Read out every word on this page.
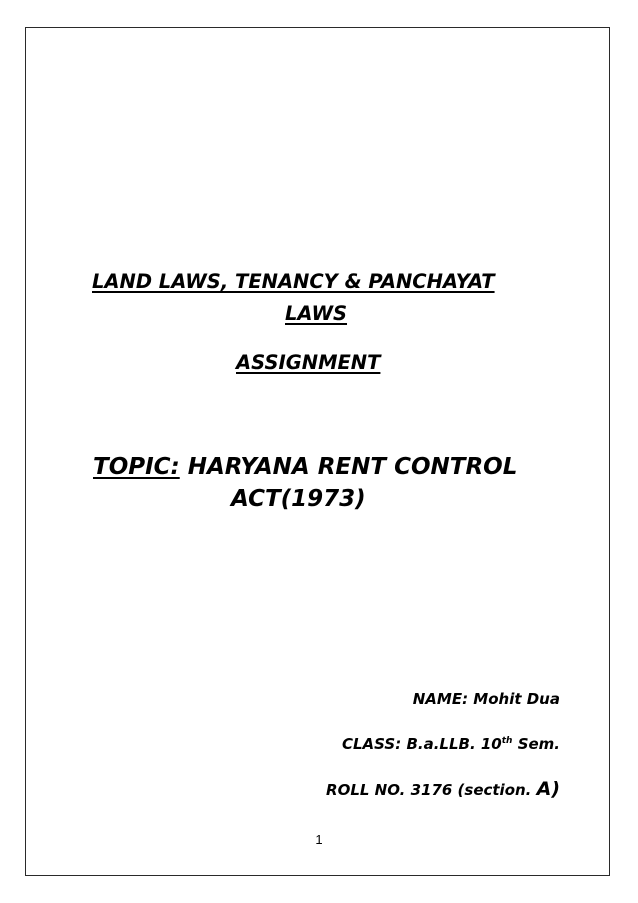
LAND LAWS, TENANCY & PANCHAYAT
LAWS
ASSIGNMENT
TOPIC: HARYANA RENT CONTROL
ACT(1973)
NAME: Mohit Dua
CLASS: B.a.LLB. 10th Sem.
ROLL NO. 3176 (section. A)
1
